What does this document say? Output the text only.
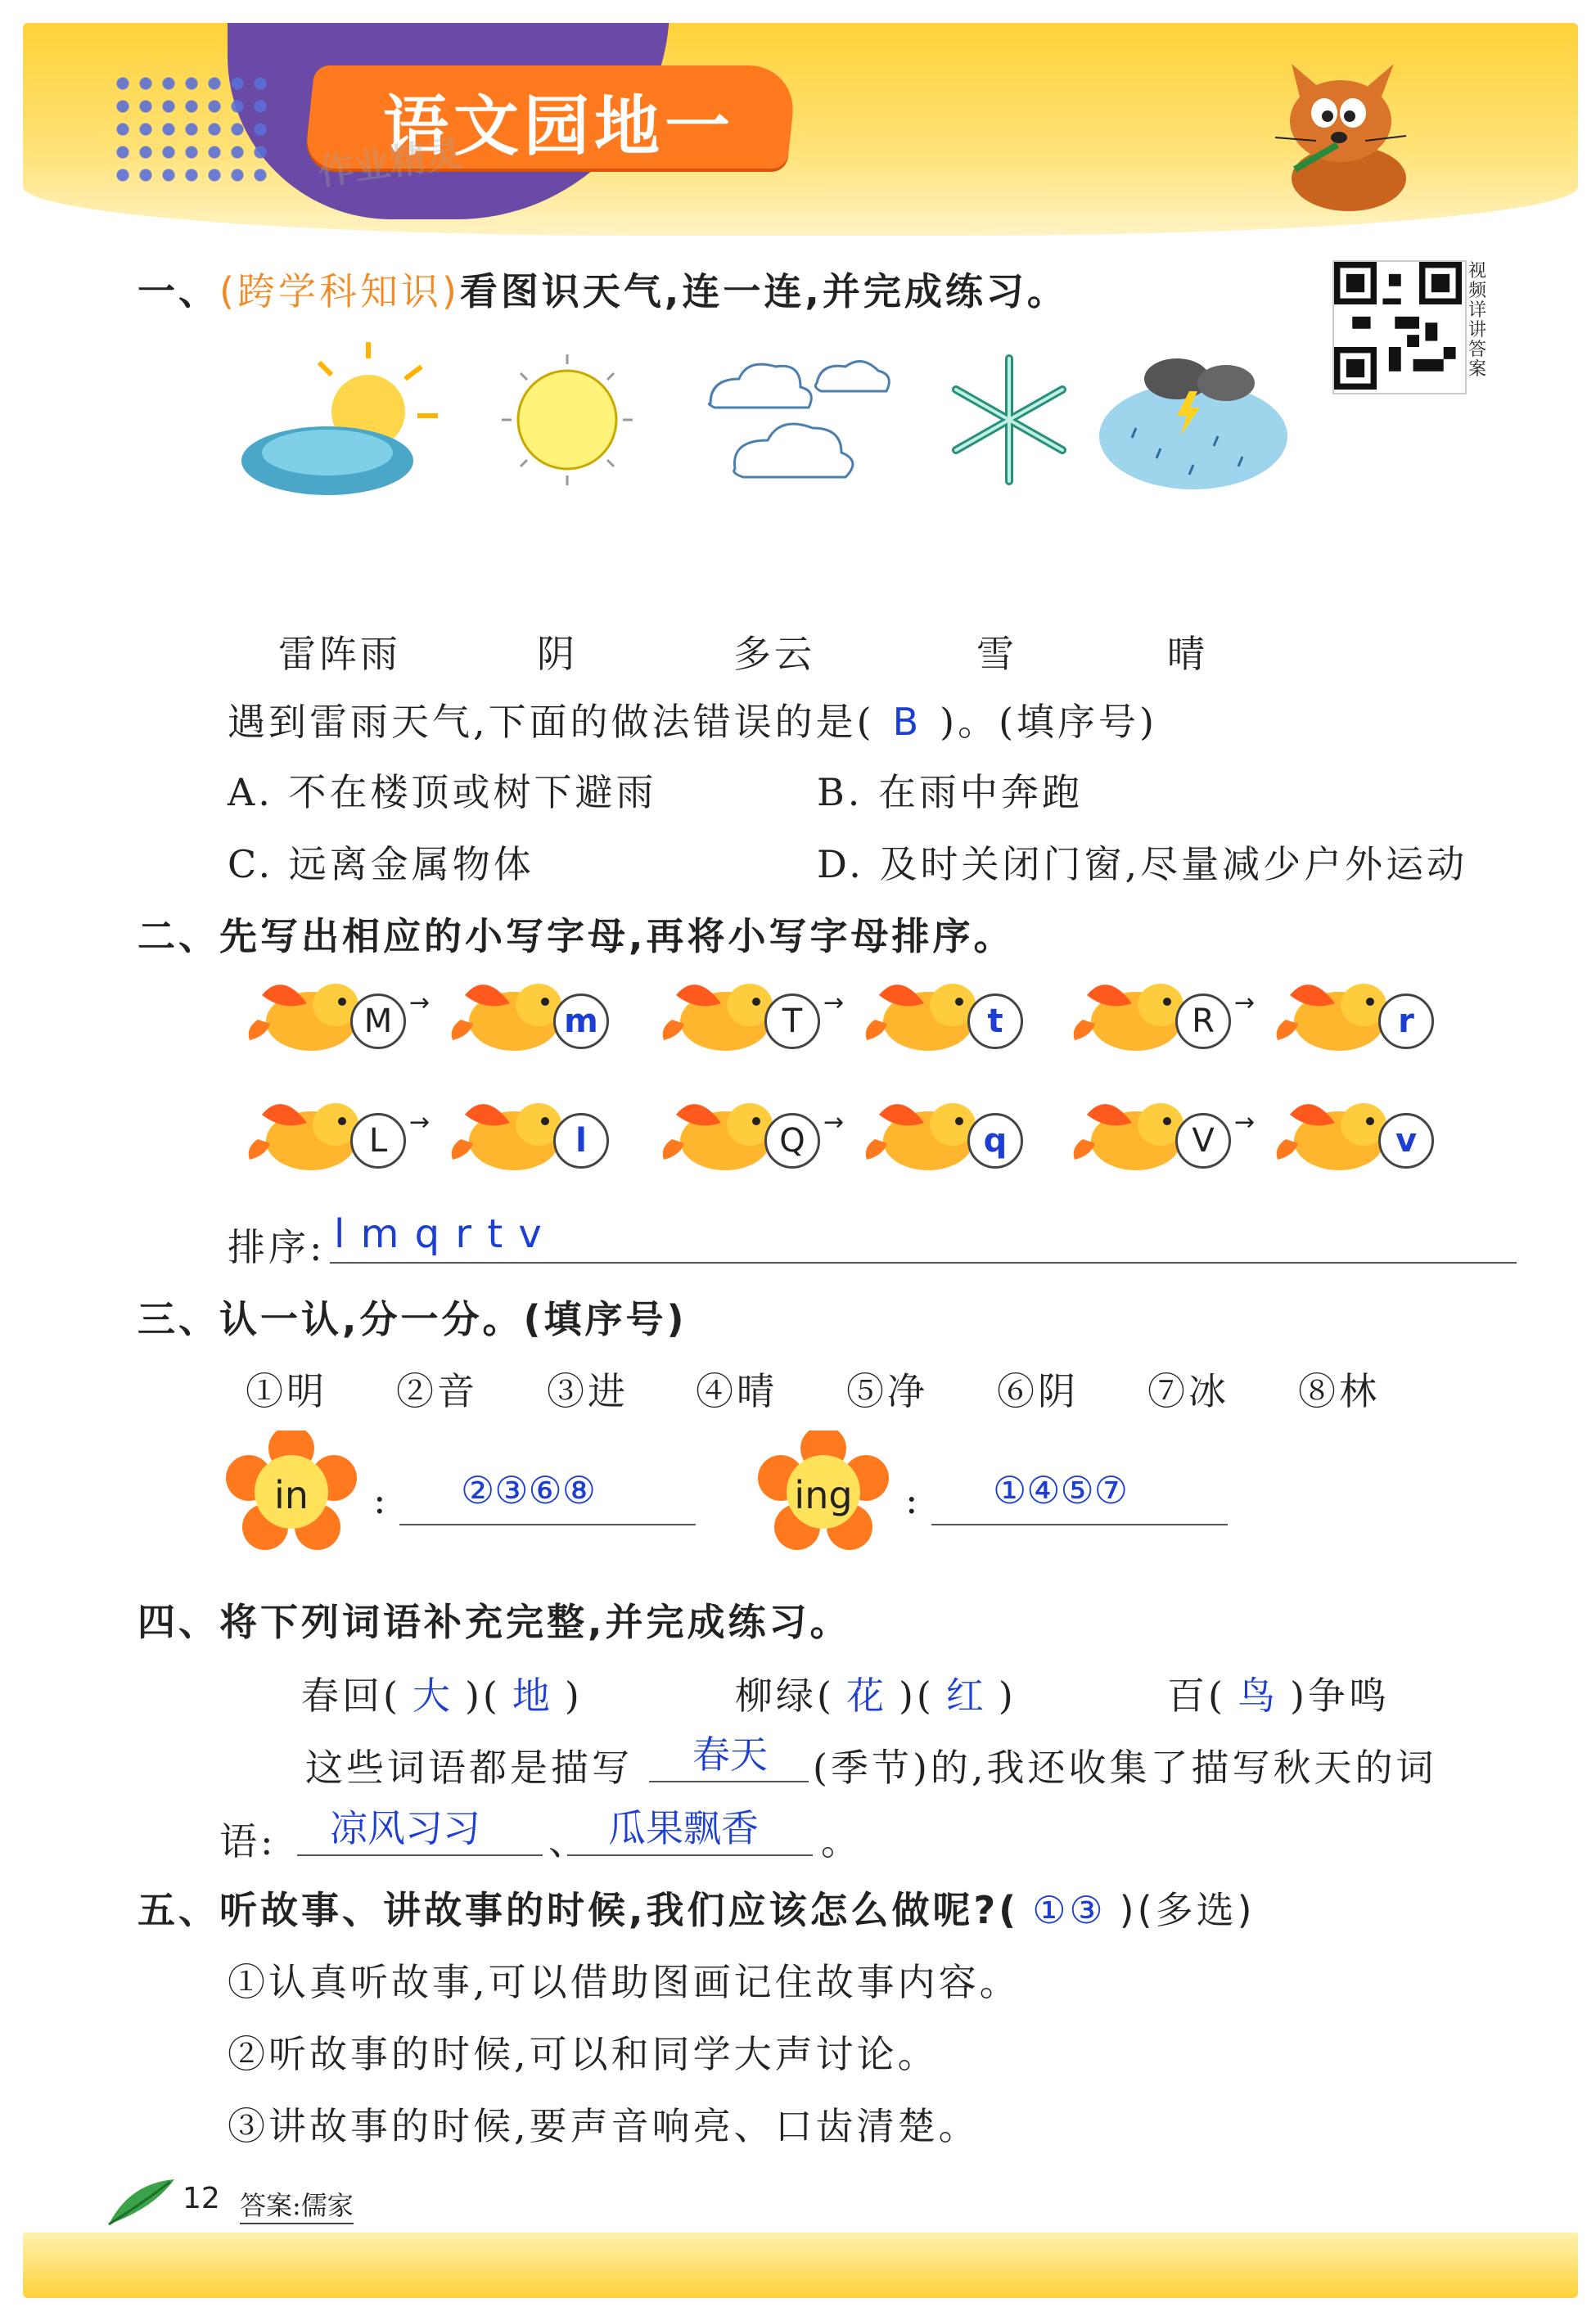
语文园地一
作业精灵
视频详讲答案
一、(跨学科知识)看图识天气,连一连,并完成练习。
雷阵雨	阴	多云	雪	晴
遇到雷雨天气,下面的做法错误的是( B )。(填序号)
A. 不在楼顶或树下避雨	B. 在雨中奔跑
C. 远离金属物体	D. 及时关闭门窗,尽量减少户外运动
二、先写出相应的小写字母,再将小写字母排序。
M →	m	T →	t	R →	r
L →	l	Q →	q	V →	v
排序: l m q r t v
三、认一认,分一分。(填序号)
①明 ②音 ③进 ④晴 ⑤净 ⑥阴 ⑦冰 ⑧林
in	: ②③⑥⑧	ing	: ①④⑤⑦
四、将下列词语补充完整,并完成练习。
春回( 大 )( 地 )	柳绿( 花 )( 红 )	百( 鸟 )争鸣
这些词语都是描写 春天 (季节)的,我还收集了描写秋天的词
语: 凉风习习 、 瓜果飘香 。
五、听故事、讲故事的时候,我们应该怎么做呢?( ①③ )(多选)
①认真听故事,可以借助图画记住故事内容。
②听故事的时候,可以和同学大声讨论。
③讲故事的时候,要声音响亮、口齿清楚。
12 答案:儒家
